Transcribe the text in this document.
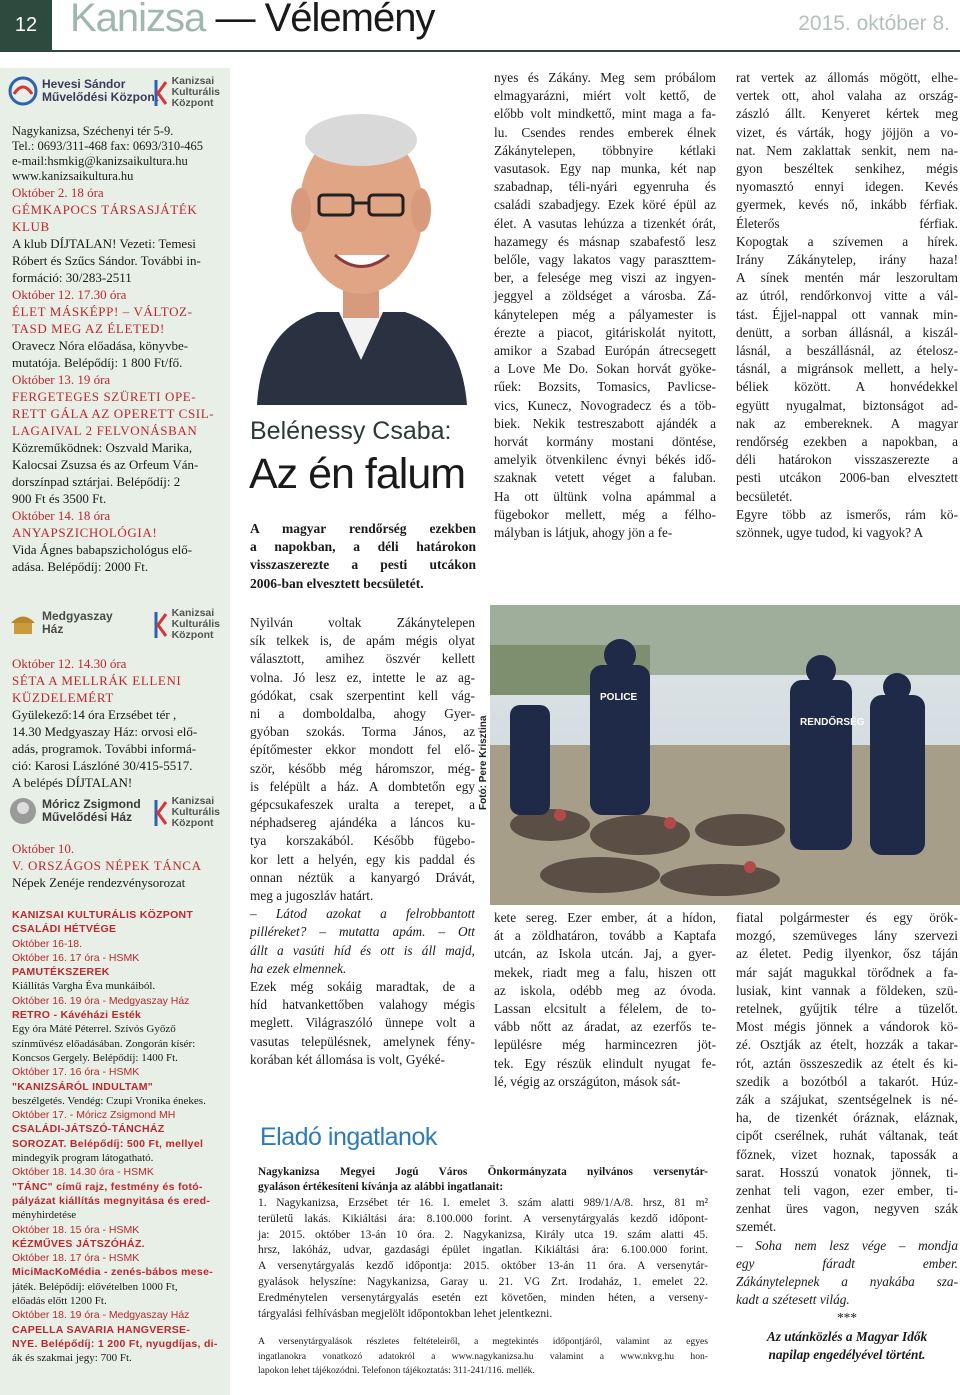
12 Kanizsa — Vélemény	2015. október 8.
Hevesi Sándor
Művelődési Központ
Kanizsai
Kulturális
Központ
Nagykanizsa, Széchenyi tér 5-9.
Tel.: 0693/311-468 fax: 0693/310-465
e-mail:hsmkig@kanizsaikultura.hu
www.kanizsaikultura.hu
Október 2. 18 óra
GÉMKAPOCS TÁRSASJÁTÉK
KLUB
A klub DÍJTALAN! Vezeti: Temesi
Róbert és Szűcs Sándor. További in-
formáció: 30/283-2511
Október 12. 17.30 óra
ÉLET MÁSKÉPP! – VÁLTOZ-
TASD MEG AZ ÉLETED!
Oravecz Nóra előadása, könyvbe-
mutatója. Belépődíj: 1 800 Ft/fő.
Október 13. 19 óra
FERGETEGES SZÜRETI OPE-
RETT GÁLA AZ OPERETT CSIL-
LAGAIVAL 2 FELVONÁSBAN
Közreműködnek: Oszvald Marika,
Kalocsai Zsuzsa és az Orfeum Ván-
dorszínpad sztárjai. Belépődíj: 2
900 Ft és 3500 Ft.
Október 14. 18 óra
ANYAPSZICHOLÓGIA!
Vida Ágnes babapszichológus elő-
adása. Belépődíj: 2000 Ft.
Medgyaszay
Ház
Kanizsai
Kulturális
Központ
Október 12. 14.30 óra
SÉTA A MELLRÁK ELLENI
KÜZDELEMÉRT
Gyülekező:14 óra Erzsébet tér ,
14.30 Medgyaszay Ház: orvosi elő-
adás, programok. További informá-
ció: Karosi Lászlóné 30/415-5517.
A belépés DÍJTALAN!
Móricz Zsigmond
Művelődési Ház
Kanizsai
Kulturális
Központ
Október 10.
V. ORSZÁGOS NÉPEK TÁNCA
Népek Zenéje rendezvénysorozat
KANIZSAI KULTURÁLIS KÖZPONT
CSALÁDI HÉTVÉGE
Október 16-18.
Október 16. 17 óra - HSMK
PAMUTÉKSZEREK
Kiállítás Vargha Éva munkáiból.
Október 16. 19 óra - Medgyaszay Ház
RETRO - Kávéházi Esték
Egy óra Máté Péterrel. Szívós Győző
színművész előadásában. Zongorán kísér:
Koncsos Gergely. Belépődíj: 1400 Ft.
Október 17. 16 óra - HSMK
"KANIZSÁRÓL INDULTAM"
beszélgetés. Vendég: Czupi Vronika énekes.
Október 17. - Móricz Zsigmond MH
CSALÁDI-JÁTSZÓ-TÁNCHÁZ
SOROZAT. Belépődíj: 500 Ft, mellyel
mindegyik program látogatható.
Október 18. 14.30 óra - HSMK
"TÁNC" című rajz, festmény és fotó-
pályázat kiállítás megnyitása és ered-
ményhirdetése
Október 18. 15 óra - HSMK
KÉZMŰVES JÁTSZÓHÁZ.
Október 18. 17 óra - HSMK
MiciMacKoMédia - zenés-bábos mese-
játék. Belépődíj: elővételben 1000 Ft,
előadás előtt 1200 Ft.
Október 18. 19 óra - Medgyaszay Ház
CAPELLA SAVARIA HANGVERSE-
NYE. Belépődíj: 1 200 Ft, nyugdíjas, di-
ák és szakmai jegy: 700 Ft.
Belénessy Csaba:
Az én falum
A magyar rendőrség ezekben
a napokban, a déli határokon
visszaszerezte a pesti utcákon
2006-ban elvesztett becsületét.
nyes és Zákány. Meg sem próbálom
elmagyarázni, miért volt kettő, de
előbb volt mindkettő, mint maga a fa-
lu. Csendes rendes emberek élnek
Zákánytelepen, többnyire kétlaki
vasutasok. Egy nap munka, két nap
szabadnap, téli-nyári egyenruha és
családi szabadjegy. Ezek köré épül az
élet. A vasutas lehúzza a tizenkét órát,
hazamegy és másnap szabafestő lesz
belőle, vagy lakatos vagy paraszttem-
ber, a felesége meg viszi az ingyen-
jeggyel a zöldséget a városba. Zá-
kánytelepen még a pályamester is
érezte a piacot, gitáriskolát nyitott,
amikor a Szabad Európán átrecsegett
a Love Me Do. Sokan horvát gyöke-
rűek: Bozsits, Tomasics, Pavlicse-
vics, Kunecz, Novogradecz és a töb-
biek. Nekik testreszabott ajándék a
horvát kormány mostani döntése,
amelyik ötvenkilenc évnyi békés idő-
szaknak vetett véget a faluban.
Ha ott ültünk volna apámmal a
fügebokor mellett, még a félho-
mályban is látjuk, ahogy jön a fe-
rat vertek az állomás mögött, elhe-
vertek ott, ahol valaha az ország-
zászló állt. Kenyeret kértek meg
vizet, és várták, hogy jöjjön a vo-
nat. Nem zaklattak senkit, nem na-
gyon beszéltek senkihez, mégis
nyomasztó ennyi idegen. Kevés
gyermek, kevés nő, inkább férfiak.
Életerős férfiak.
Kopogtak a szívemen a hírek.
Irány Zákánytelep, irány haza!
A sínek mentén már leszorultam
az útról, rendőrkonvoj vitte a vál-
tást. Éjjel-nappal ott vannak min-
denütt, a sorban állásnál, a kiszál-
lásnál, a beszállásnál, az ételosz-
tásnál, a migránsok mellett, a hely-
béliek között. A honvédekkel
együtt nyugalmat, biztonságot ad-
nak az embereknek. A magyar
rendőrség ezekben a napokban, a
déli határokon visszaszerezte a
pesti utcákon 2006-ban elvesztett
becsületét.
Egyre több az ismerős, rám kö-
szönnek, ugye tudod, ki vagyok? A
POLICE
RENDŐRSÉG
Fotó: Pere Krisztina
Nyilván voltak Zákánytelepen
sík telkek is, de apám mégis olyat
választott, amihez öszvér kellett
volna. Jó lesz ez, intette le az ag-
gódókat, csak szerpentint kell vág-
ni a domboldalba, ahogy Gyer-
gyóban szokás. Torma János, az
építőmester ekkor mondott fel elő-
ször, később még háromszor, még-
is felépült a ház. A dombtetőn egy
gépcsukafeszek uralta a terepet, a
néphadsereg ajándéka a láncos ku-
tya korszakából. Később fügebo-
kor lett a helyén, egy kis paddal és
onnan néztük a kanyargó Drávát,
meg a jugoszláv határt.
– Látod azokat a felrobbantott
pilléreket? – mutatta apám. – Ott
állt a vasúti híd és ott is áll majd,
ha ezek elmennek.
Ezek még sokáig maradtak, de a
híd hatvankettőben valahogy mégis
meglett. Világraszóló ünnepe volt a
vasutas településnek, amelynek fény-
korában két állomása is volt, Gyéké-
kete sereg. Ezer ember, át a hídon,
át a zöldhatáron, tovább a Kaptafa
utcán, az Iskola utcán. Jaj, a gyer-
mekek, riadt meg a falu, hiszen ott
az iskola, odébb meg az óvoda.
Lassan elcsitult a félelem, de to-
vább nőtt az áradat, az ezerfős te-
lepülésre még harmincezren jöt-
tek. Egy részük elindult nyugat fe-
lé, végig az országúton, mások sát-
fiatal polgármester és egy örök-
mozgó, szemüveges lány szervezi
az életet. Pedig ilyenkor, ősz táján
már saját magukkal törődnek a fa-
lusiak, kint vannak a földeken, szü-
retelnek, gyűjtik télre a tüzelőt.
Most mégis jönnek a vándorok kö-
zé. Osztják az ételt, hozzák a takar-
rót, aztán összeszedik az ételt és ki-
szedik a bozótból a takarót. Húz-
zák a szájukat, szentségelnek is né-
ha, de tizenkét óráznak, eláznak,
cipőt cserélnek, ruhát váltanak, teát
főznek, vizet hoznak, tapossák a
sarat. Hosszú vonatok jönnek, ti-
zenhat teli vagon, ezer ember, ti-
zenhat üres vagon, negyven szák
szemét.
– Soha nem lesz vége – mondja
egy fáradt ember.
Zákánytelepnek a nyakába sza-
kadt a szétesett világ.
***
Az utánközlés a Magyar Idők
napilap engedélyével történt.
Eladó ingatlanok
Nagykanizsa Megyei Jogú Város Önkormányzata nyilvános versenytár-
gyaláson értékesíteni kívánja az alábbi ingatlanait:
1. Nagykanizsa, Erzsébet tér 16. I. emelet 3. szám alatti 989/1/A/8. hrsz, 81 m²
területű lakás. Kikiáltási ára: 8.100.000 forint. A versenytárgyalás kezdő időpont-
ja: 2015. október 13-án 10 óra. 2. Nagykanizsa, Király utca 19. szám alatti 45.
hrsz, lakóház, udvar, gazdasági épület ingatlan. Kikiáltási ára: 6.100.000 forint.
A versenytárgyalás kezdő időpontja: 2015. október 13-án 11 óra. A versenytár-
gyalások helyszíne: Nagykanizsa, Garay u. 21. VG Zrt. Irodaház, 1. emelet 22.
Eredménytelen versenytárgyalás esetén ezt követően, minden héten, a verseny-
tárgyalási felhívásban megjelölt időpontokban lehet jelentkezni.
A versenytárgyalások részletes feltételeiről, a megtekintés időpontjáról, valamint az egyes
ingatlanokra vonatkozó adatokról a www.nagykanizsa.hu valamint a www.nkvg.hu hon-
lapokon lehet tájékozódni. Telefonon tájékoztatás: 311-241/116. mellék.
